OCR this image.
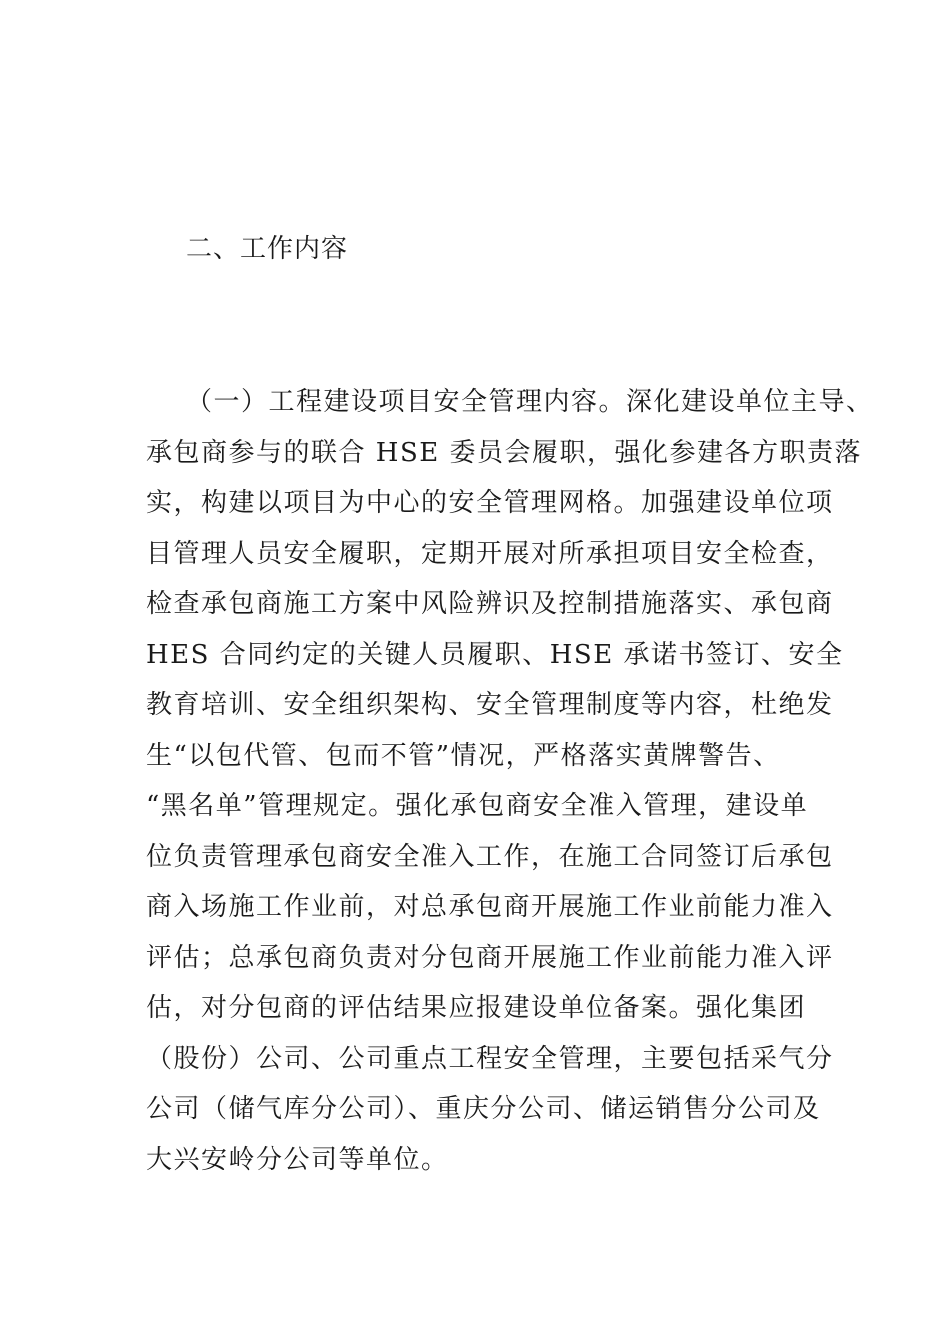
二、工作内容
（一）工程建设项目安全管理内容。深化建设单位主导、
承包商参与的联合 HSE 委员会履职，强化参建各方职责落
实，构建以项目为中心的安全管理网格。加强建设单位项
目管理人员安全履职，定期开展对所承担项目安全检查，
检查承包商施工方案中风险辨识及控制措施落实、承包商
HES 合同约定的关键人员履职、HSE 承诺书签订、安全
教育培训、安全组织架构、安全管理制度等内容，杜绝发
生“以包代管、包而不管”情况，严格落实黄牌警告、
“黑名单”管理规定。强化承包商安全准入管理，建设单
位负责管理承包商安全准入工作，在施工合同签订后承包
商入场施工作业前，对总承包商开展施工作业前能力准入
评估；总承包商负责对分包商开展施工作业前能力准入评
估，对分包商的评估结果应报建设单位备案。强化集团
（股份）公司、公司重点工程安全管理，主要包括采气分
公司（储气库分公司）、重庆分公司、储运销售分公司及
大兴安岭分公司等单位。
